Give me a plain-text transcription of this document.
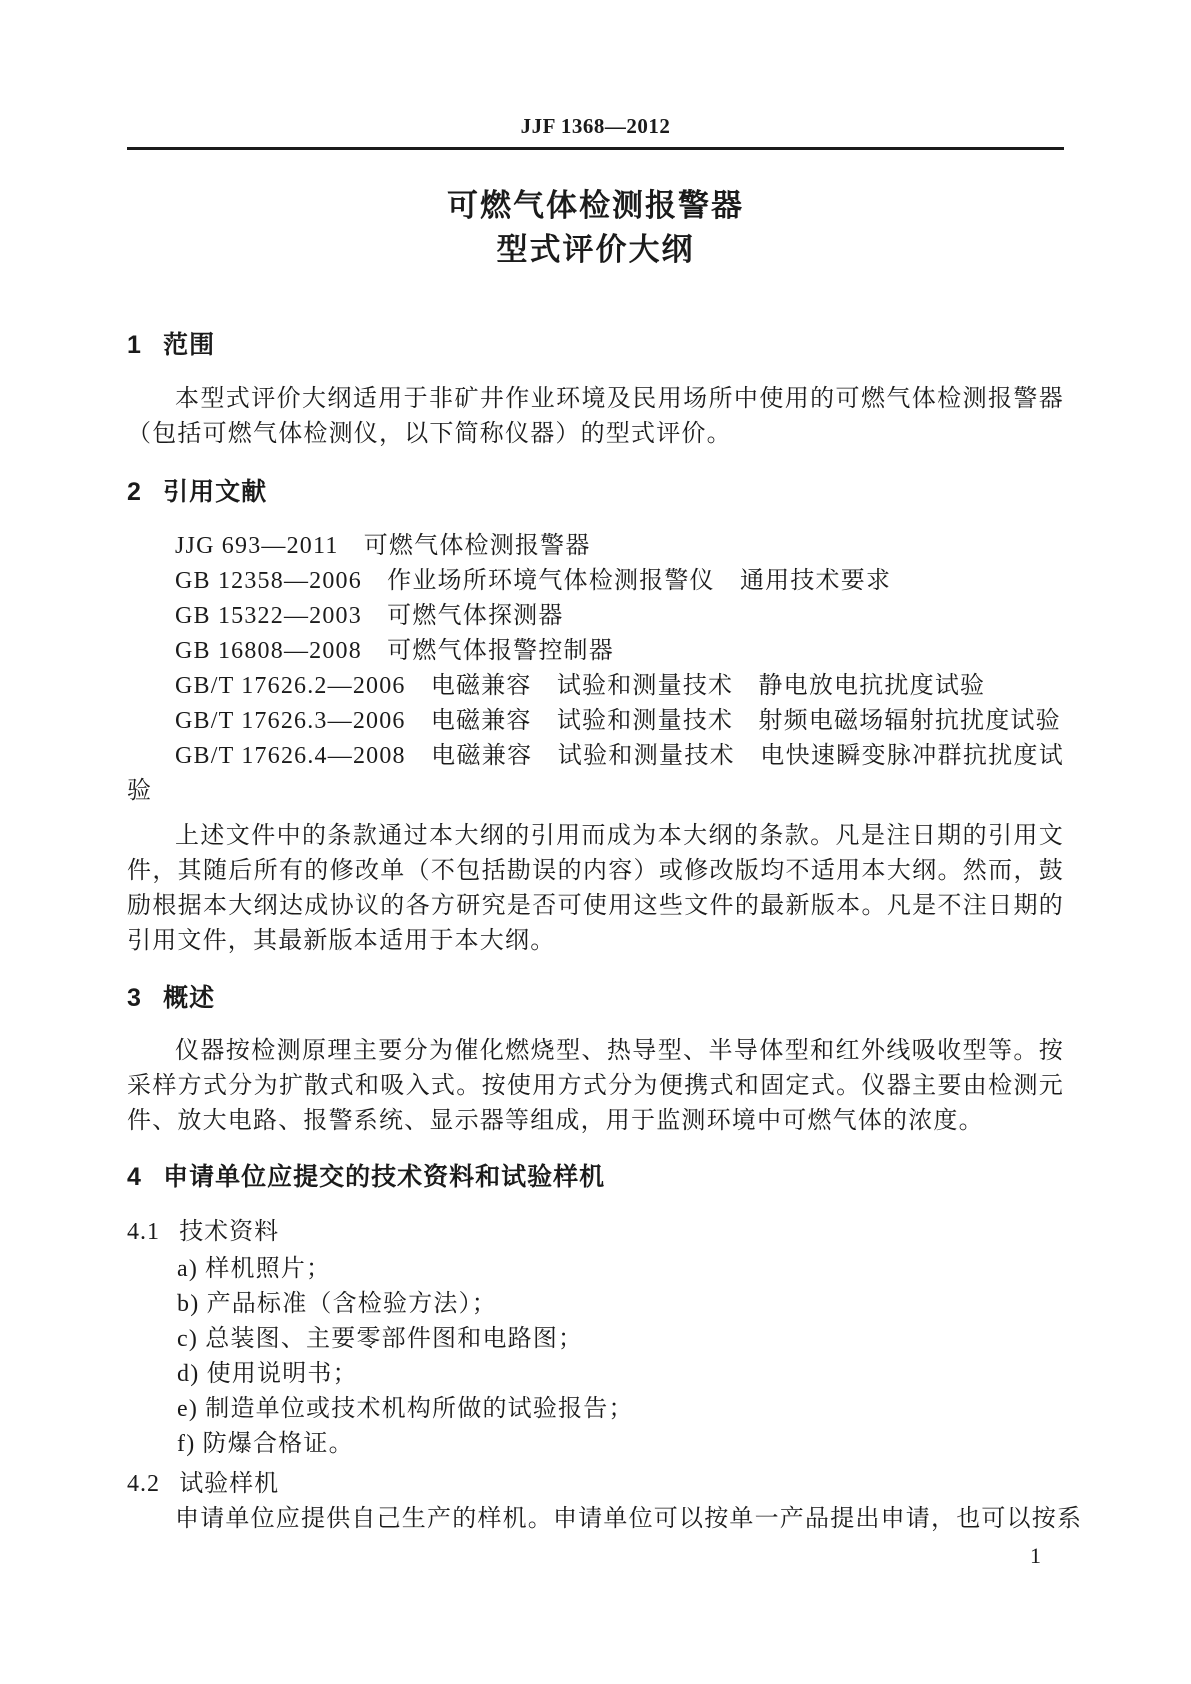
JJF 1368—2012
可燃气体检测报警器
型式评价大纲
1 范围

本型式评价大纲适用于非矿井作业环境及民用场所中使用的可燃气体检测报警器（包括可燃气体检测仪，以下简称仪器）的型式评价。

2 引用文献
JJG 693—2011　可燃气体检测报警器
GB 12358—2006　作业场所环境气体检测报警仪　通用技术要求
GB 15322—2003　可燃气体探测器
GB 16808—2008　可燃气体报警控制器
GB/T 17626.2—2006　电磁兼容　试验和测量技术　静电放电抗扰度试验
GB/T 17626.3—2006　电磁兼容　试验和测量技术　射频电磁场辐射抗扰度试验
GB/T 17626.4—2008　电磁兼容　试验和测量技术　电快速瞬变脉冲群抗扰度试验

上述文件中的条款通过本大纲的引用而成为本大纲的条款。凡是注日期的引用文件，其随后所有的修改单（不包括勘误的内容）或修改版均不适用本大纲。然而，鼓励根据本大纲达成协议的各方研究是否可使用这些文件的最新版本。凡是不注日期的引用文件，其最新版本适用于本大纲。

3 概述

仪器按检测原理主要分为催化燃烧型、热导型、半导体型和红外线吸收型等。按采样方式分为扩散式和吸入式。按使用方式分为便携式和固定式。仪器主要由检测元件、放大电路、报警系统、显示器等组成，用于监测环境中可燃气体的浓度。

4 申请单位应提交的技术资料和试验样机
4.1 技术资料
a) 样机照片；
b) 产品标准（含检验方法）；
c) 总装图、主要零部件图和电路图；
d) 使用说明书；
e) 制造单位或技术机构所做的试验报告；
f) 防爆合格证。
4.2 试验样机

申请单位应提供自己生产的样机。申请单位可以按单一产品提出申请，也可以按系

1
